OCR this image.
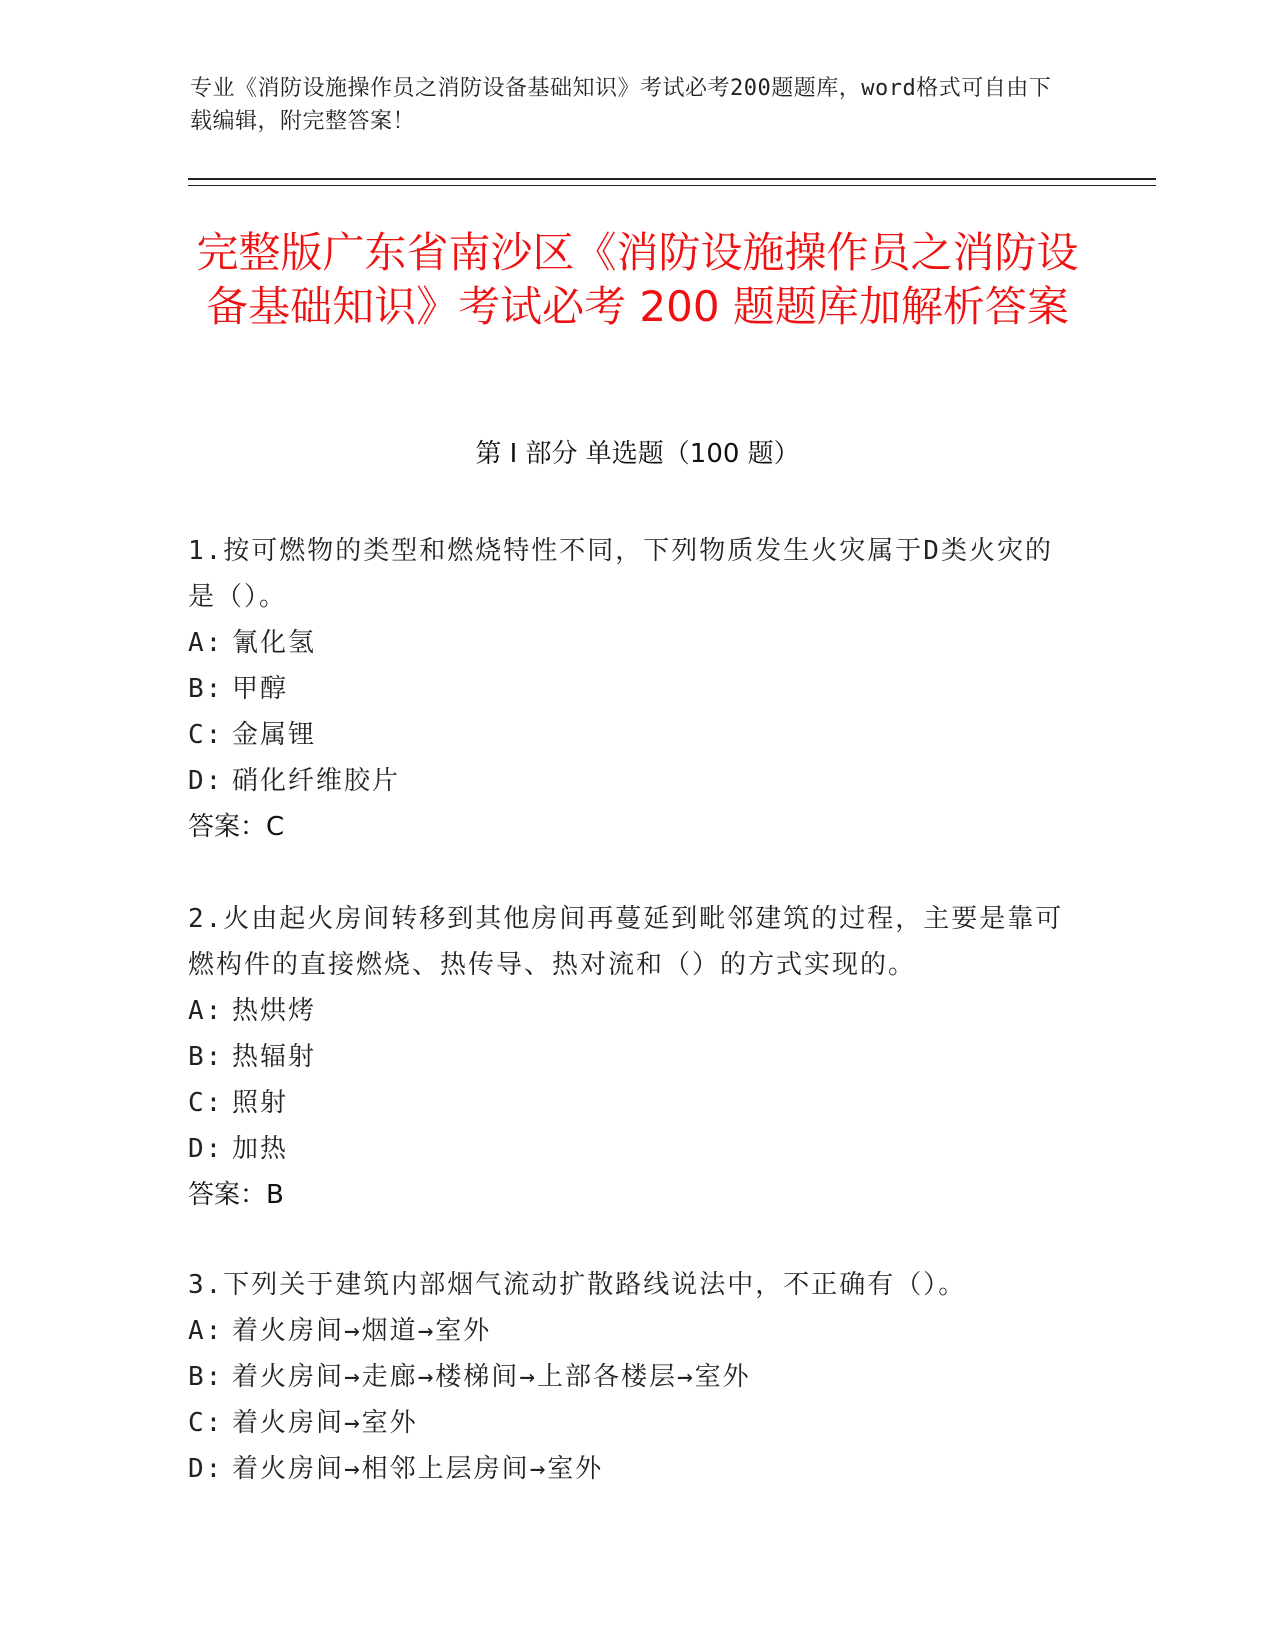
专业《消防设施操作员之消防设备基础知识》考试必考200题题库，word格式可自由下载编辑，附完整答案！
完整版广东省南沙区《消防设施操作员之消防设备基础知识》考试必考 200 题题库加解析答案
第 I 部分 单选题（100 题）

1.按可燃物的类型和燃烧特性不同，下列物质发生火灾属于D类火灾的是（）。

A: 氰化氢

B: 甲醇

C: 金属锂

D: 硝化纤维胶片

答案：C

2.火由起火房间转移到其他房间再蔓延到毗邻建筑的过程，主要是靠可燃构件的直接燃烧、热传导、热对流和（）的方式实现的。

A: 热烘烤

B: 热辐射

C: 照射

D: 加热

答案：B

3.下列关于建筑内部烟气流动扩散路线说法中，不正确有（）。

A: 着火房间→烟道→室外

B: 着火房间→走廊→楼梯间→上部各楼层→室外

C: 着火房间→室外

D: 着火房间→相邻上层房间→室外
